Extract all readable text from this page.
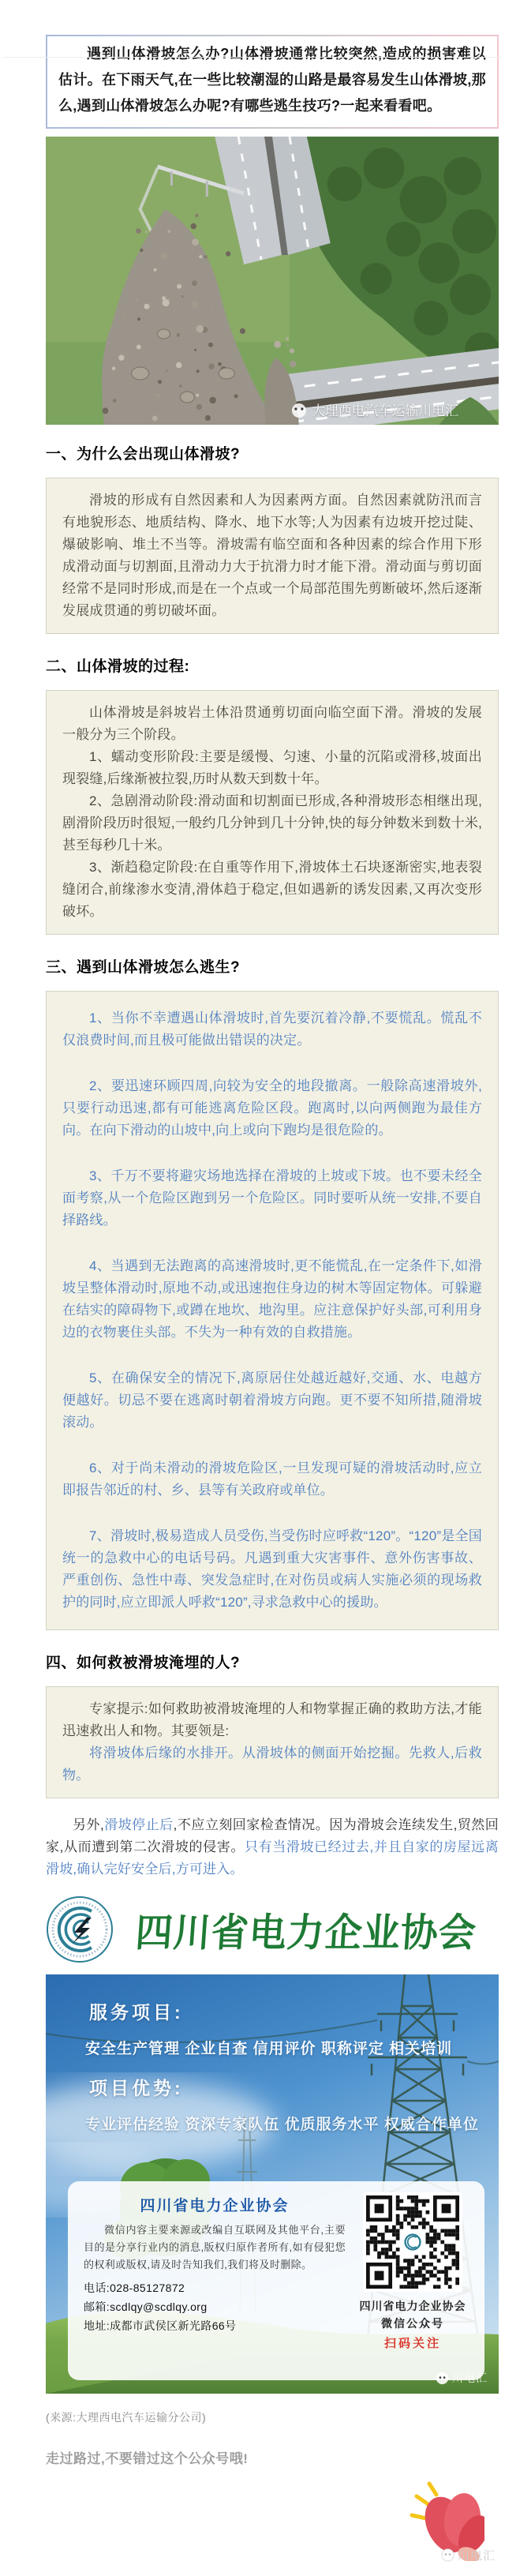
遇到山体滑坡怎么办?山体滑坡通常比较突然,造成的损害难以估计。在下雨天气,在一些比较潮湿的山路是最容易发生山体滑坡,那么,遇到山体滑坡怎么办呢?有哪些逃生技巧?一起来看看吧。

大理西电汽车运输川电汇
一、为什么会出现山体滑坡?

滑坡的形成有自然因素和人为因素两方面。自然因素就防汛而言有地貌形态、地质结构、降水、地下水等;人为因素有边坡开挖过陡、爆破影响、堆土不当等。滑坡需有临空面和各种因素的综合作用下形成滑动面与切割面,且滑动力大于抗滑力时才能下滑。滑动面与剪切面经常不是同时形成,而是在一个点或一个局部范围先剪断破坏,然后逐渐发展成贯通的剪切破坏面。

二、山体滑坡的过程:

山体滑坡是斜坡岩土体沿贯通剪切面向临空面下滑。滑坡的发展一般分为三个阶段。

1、蠕动变形阶段:主要是缓慢、匀速、小量的沉陷或滑移,坡面出现裂缝,后缘渐被拉裂,历时从数天到数十年。

2、急剧滑动阶段:滑动面和切割面已形成,各种滑坡形态相继出现,剧滑阶段历时很短,一般约几分钟到几十分钟,快的每分钟数米到数十米,甚至每秒几十米。

3、渐趋稳定阶段:在自重等作用下,滑坡体土石块逐渐密实,地表裂缝闭合,前缘渗水变清,滑体趋于稳定,但如遇新的诱发因素,又再次变形破坏。

三、遇到山体滑坡怎么逃生?

1、当你不幸遭遇山体滑坡时,首先要沉着冷静,不要慌乱。慌乱不仅浪费时间,而且极可能做出错误的决定。

2、要迅速环顾四周,向较为安全的地段撤离。一般除高速滑坡外,只要行动迅速,都有可能逃离危险区段。跑离时,以向两侧跑为最佳方向。在向下滑动的山坡中,向上或向下跑均是很危险的。

3、千万不要将避灾场地选择在滑坡的上坡或下坡。也不要未经全面考察,从一个危险区跑到另一个危险区。同时要听从统一安排,不要自择路线。

4、当遇到无法跑离的高速滑坡时,更不能慌乱,在一定条件下,如滑坡呈整体滑动时,原地不动,或迅速抱住身边的树木等固定物体。可躲避在结实的障碍物下,或蹲在地坎、地沟里。应注意保护好头部,可利用身边的衣物裹住头部。不失为一种有效的自救措施。

5、在确保安全的情况下,离原居住处越近越好,交通、水、电越方便越好。切忌不要在逃离时朝着滑坡方向跑。更不要不知所措,随滑坡滚动。

6、对于尚未滑动的滑坡危险区,一旦发现可疑的滑坡活动时,应立即报告邻近的村、乡、县等有关政府或单位。

7、滑坡时,极易造成人员受伤,当受伤时应呼救“120”。“120”是全国统一的急救中心的电话号码。凡遇到重大灾害事件、意外伤害事故、严重创伤、急性中毒、突发急症时,在对伤员或病人实施必须的现场救护的同时,应立即派人呼救“120”,寻求急救中心的援助。

四、如何救被滑坡淹埋的人?

专家提示:如何救助被滑坡淹埋的人和物掌握正确的救助方法,才能迅速救出人和物。其要领是:

将滑坡体后缘的水排开。从滑坡体的侧面开始挖掘。先救人,后救物。

另外,滑坡停止后,不应立刻回家检查情况。因为滑坡会连续发生,贸然回家,从而遭到第二次滑坡的侵害。只有当滑坡已经过去,并且自家的房屋远离滑坡,确认完好安全后,方可进入。

四川省电力企业协会

服务项目:

安全生产管理 企业自查 信用评价 职称评定 相关培训

项目优势:

专业评估经验 资深专家队伍 优质服务水平 权威合作单位

四川省电力企业协会

微信内容主要来源或改编自互联网及其他平台,主要目的是分享行业内的消息,版权归原作者所有,如有侵犯您的权利或版权,请及时告知我们,我们将及时删除。

电话:028-85127872

邮箱:scdlqy@scdlqy.org

地址:成都市武侯区新光路66号

四川省电力企业协会
微信公众号
扫码关注
川电汇

(来源:大理西电汽车运输分公司)

走过路过,不要错过这个公众号哦!

川电汇
